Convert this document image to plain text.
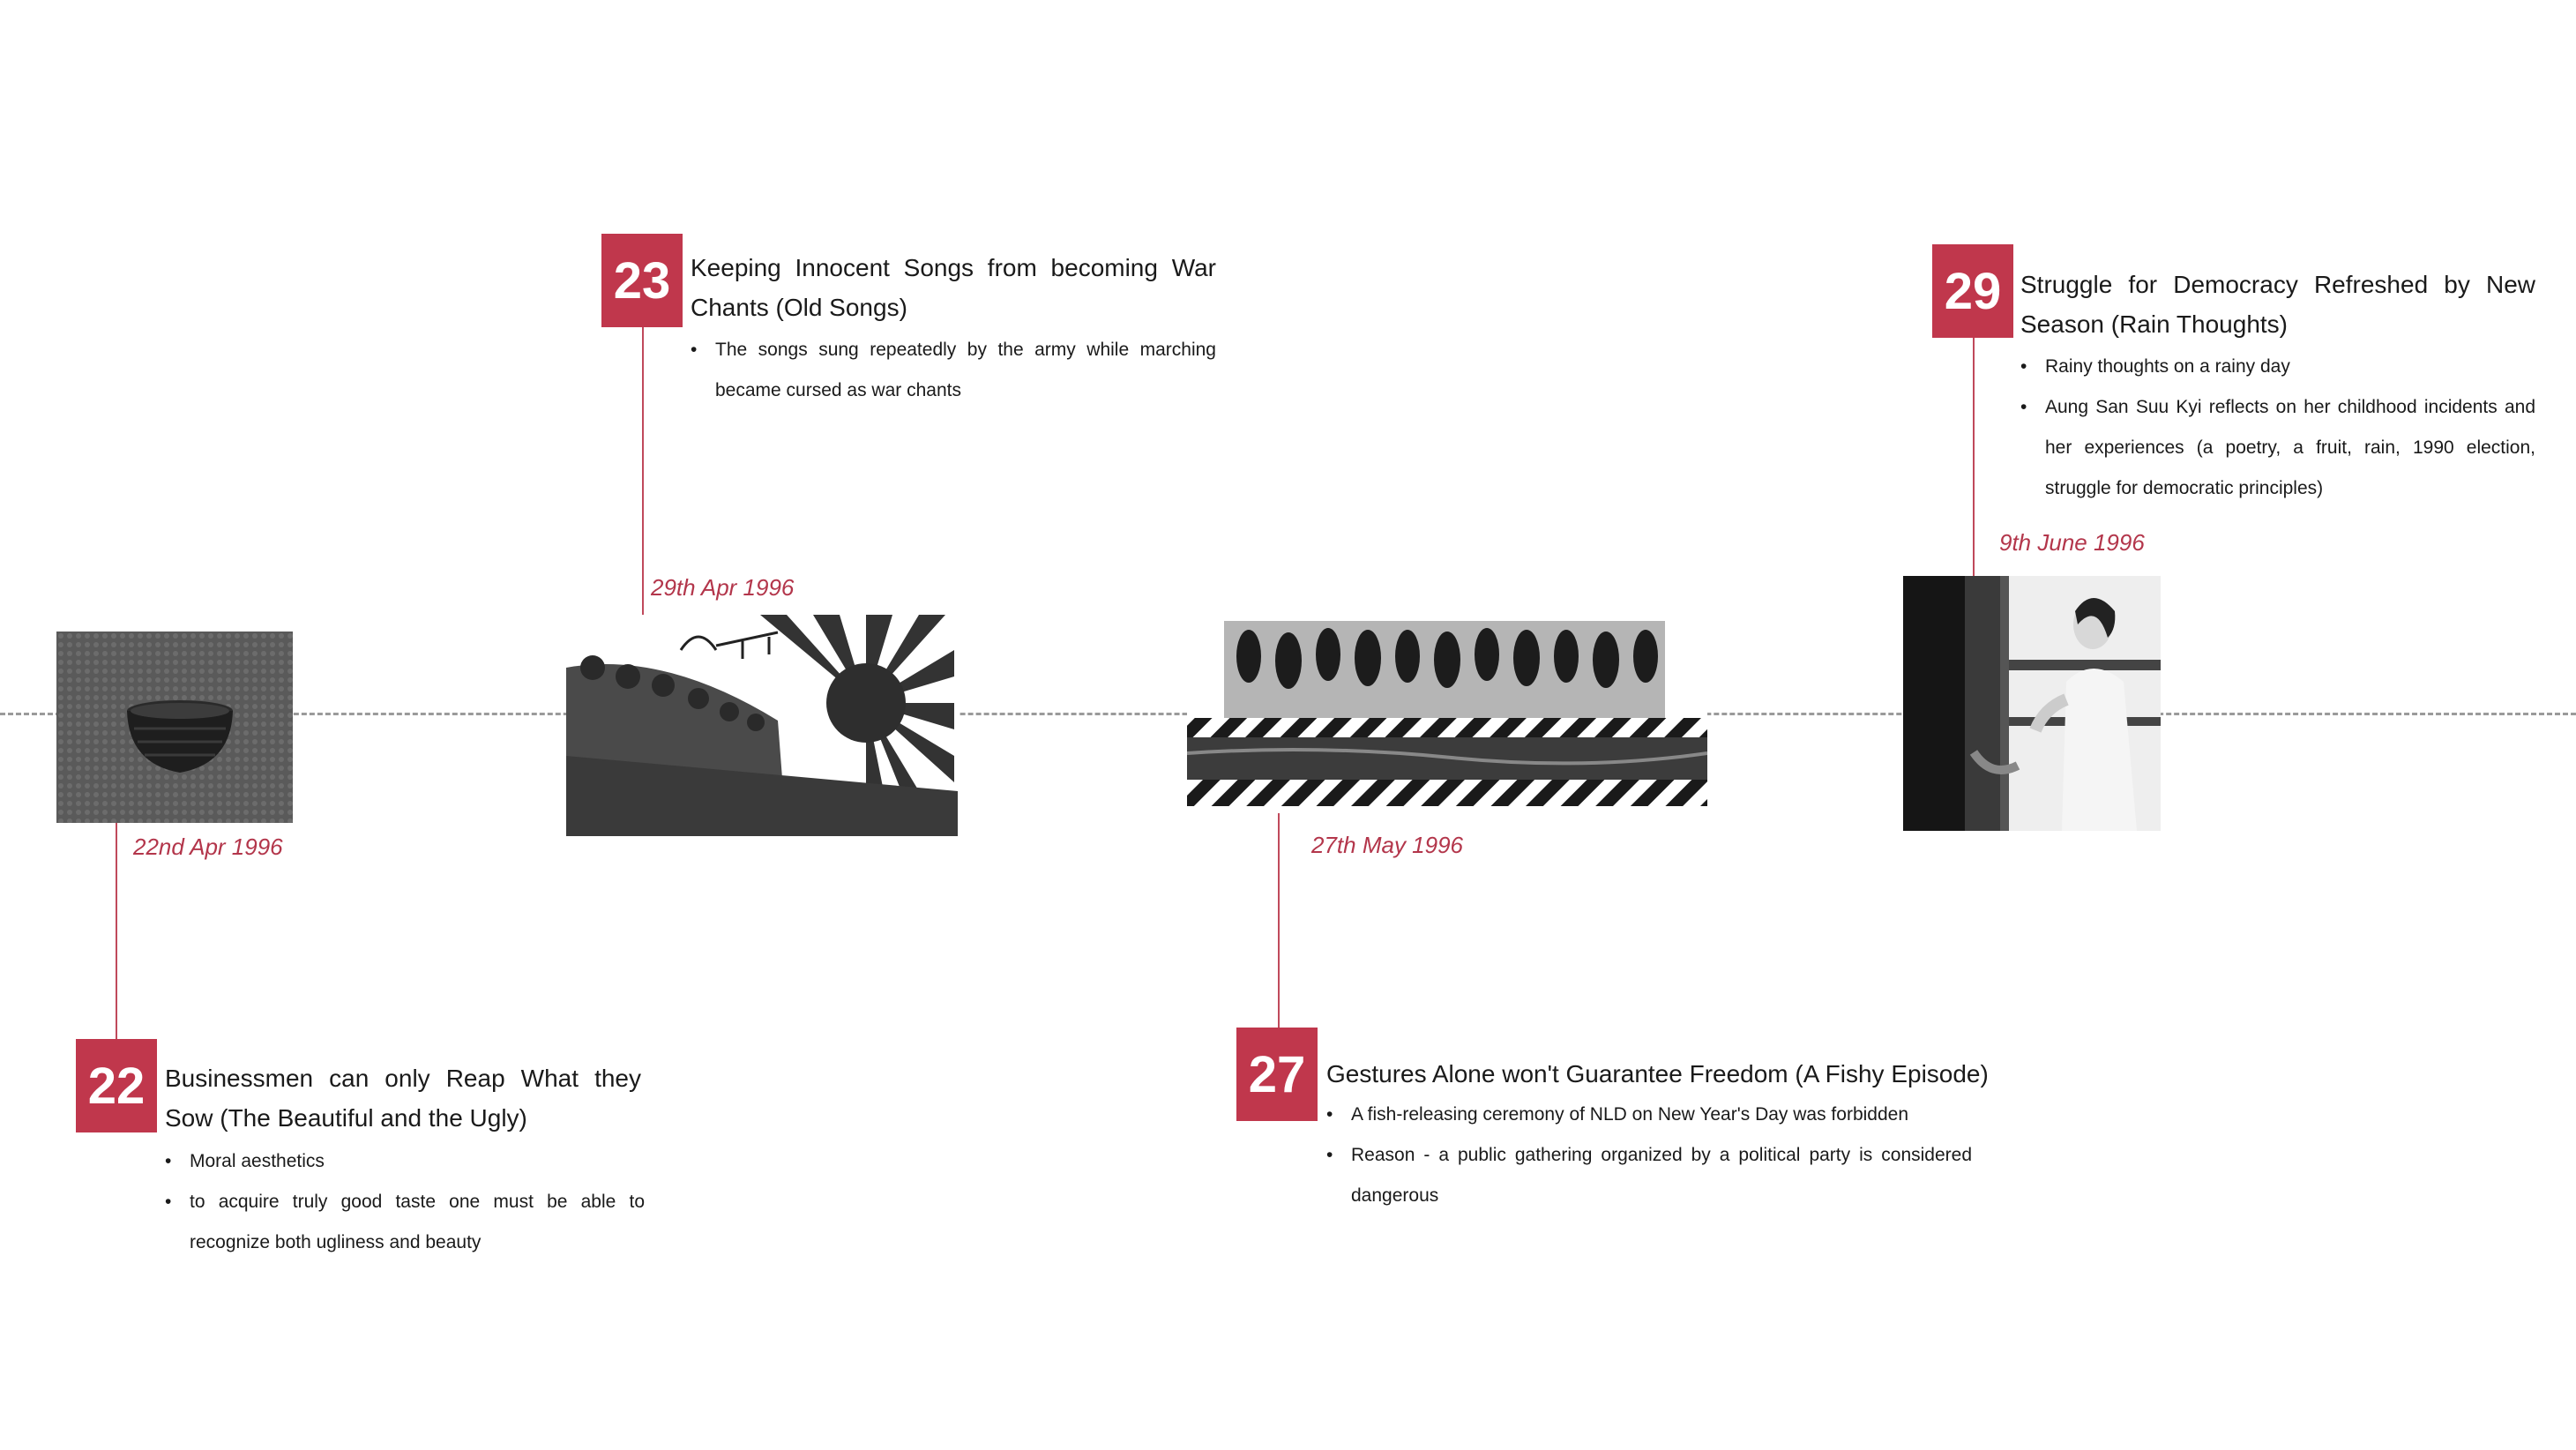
22nd Apr 1996
22 Businessmen can only Reap What they Sow (The Beautiful and the Ugly)
• Moral aesthetics
• to acquire truly good taste one must be able to recognize both ugliness and beauty
23 Keeping Innocent Songs from becoming War Chants (Old Songs)
• The songs sung repeatedly by the army while marching became cursed as war chants
29th Apr 1996
27th May 1996
27 Gestures Alone won't Guarantee Freedom (A Fishy Episode)
• A fish-releasing ceremony of NLD on New Year's Day was forbidden
• Reason - a public gathering organized by a political party is considered dangerous
29 Struggle for Democracy Refreshed by New Season (Rain Thoughts)
• Rainy thoughts on a rainy day
• Aung San Suu Kyi reflects on her childhood incidents and her experiences (a poetry, a fruit, rain, 1990 election, struggle for democratic principles)
9th June 1996
